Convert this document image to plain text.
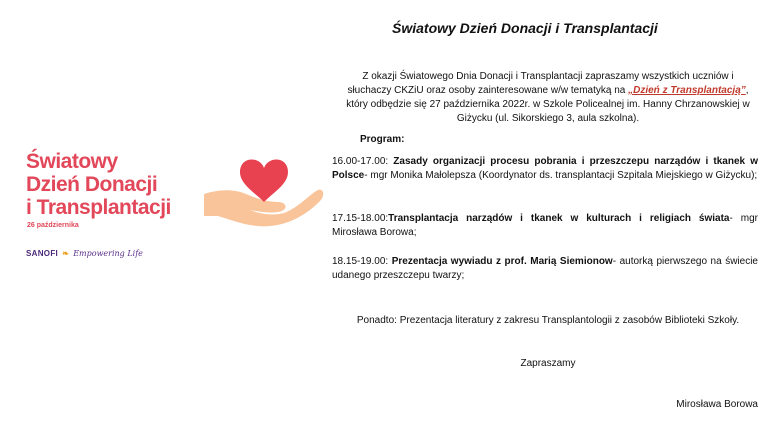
Światowy
Dzień Donacji
i Transplantacji
26 października
SANOFI ❧ Empowering Life
Światowy Dzień Donacji i Transplantacji
Z okazji Światowego Dnia Donacji i Transplantacji zapraszamy wszystkich uczniów i słuchaczy CKZiU oraz osoby zainteresowane w/w tematyką na „Dzień z Transplantacją”, który odbędzie się 27 października 2022r. w Szkole Policealnej im. Hanny Chrzanowskiej w Giżycku (ul. Sikorskiego 3, aula szkolna).
Program:
16.00-17.00: Zasady organizacji procesu pobrania i przeszczepu narządów i tkanek w Polsce- mgr Monika Małolepsza (Koordynator ds. transplantacji Szpitala Miejskiego w Giżycku);
17.15-18.00:Transplantacja narządów i tkanek w kulturach i religiach świata- mgr Mirosława Borowa;
18.15-19.00: Prezentacja wywiadu z prof. Marią Siemionow- autorką pierwszego na świecie udanego przeszczepu twarzy;
Ponadto: Prezentacja literatury z zakresu Transplantologii z zasobów Biblioteki Szkoły.
Zapraszamy
Mirosława Borowa
